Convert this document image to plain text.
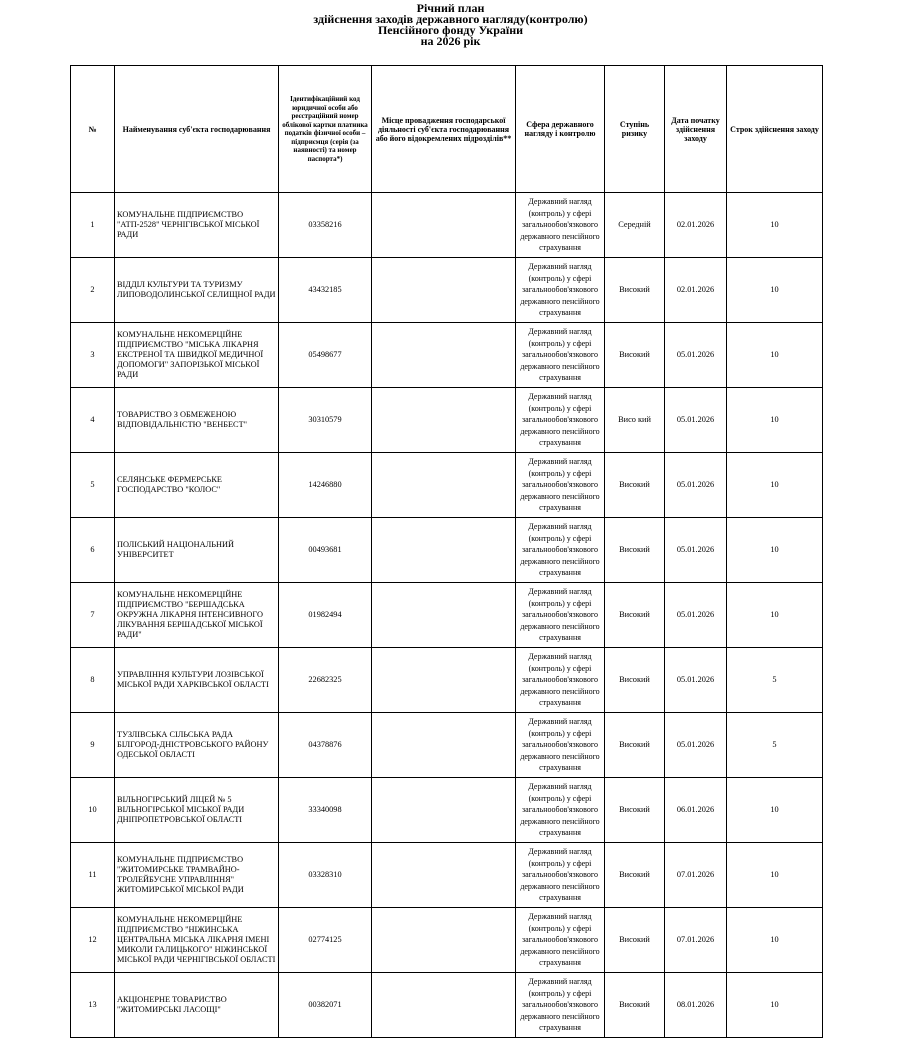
Річний план
здійснення заходів державного нагляду(контролю)
Пенсійного фонду України
на 2026 рік
№	Найменування суб'єкта господарювання	Ідентифікаційний код юридичної особи або реєстраційний номер облікової картки платника податків фізичної особи – підприємця (серія (за наявності) та номер паспорта*)	Місце провадження господарської діяльності суб'єкта господарювання або його відокремлених підрозділів**	Сфера державного нагляду і контролю	Ступінь ризику	Дата початку здійснення заходу	Строк здійснення заходу
1	КОМУНАЛЬНЕ ПІДПРИЄМСТВО "АТП-2528" ЧЕРНІГІВСЬКОЇ МІСЬКОЇ РАДИ	03358216		Державний нагляд (контроль) у сфері загальнообов'язкового державного пенсійного страхування	Середній	02.01.2026	10
2	ВІДДІЛ КУЛЬТУРИ ТА ТУРИЗМУ ЛИПОВОДОЛИНСЬКОЇ СЕЛИЩНОЇ РАДИ	43432185		Державний нагляд (контроль) у сфері загальнообов'язкового державного пенсійного страхування	Високий	02.01.2026	10
3	КОМУНАЛЬНЕ НЕКОМЕРЦІЙНЕ ПІДПРИЄМСТВО "МІСЬКА ЛІКАРНЯ ЕКСТРЕНОЇ ТА ШВИДКОЇ МЕДИЧНОЇ ДОПОМОГИ" ЗАПОРІЗЬКОЇ МІСЬКОЇ РАДИ	05498677		Державний нагляд (контроль) у сфері загальнообов'язкового державного пенсійного страхування	Високий	05.01.2026	10
4	ТОВАРИСТВО З ОБМЕЖЕНОЮ ВІДПОВІДАЛЬНІСТЮ "ВЕНБЕСТ"	30310579		Державний нагляд (контроль) у сфері загальнообов'язкового державного пенсійного страхування	Висо кий	05.01.2026	10
5	СЕЛЯНСЬКЕ ФЕРМЕРСЬКЕ ГОСПОДАРСТВО "КОЛОС"	14246880		Державний нагляд (контроль) у сфері загальнообов'язкового державного пенсійного страхування	Високий	05.01.2026	10
6	ПОЛІСЬКИЙ НАЦІОНАЛЬНИЙ УНІВЕРСИТЕТ	00493681		Державний нагляд (контроль) у сфері загальнообов'язкового державного пенсійного страхування	Високий	05.01.2026	10
7	КОМУНАЛЬНЕ НЕКОМЕРЦІЙНЕ ПІДПРИЄМСТВО "БЕРШАДСЬКА ОКРУЖНА ЛІКАРНЯ ІНТЕНСИВНОГО ЛІКУВАННЯ БЕРШАДСЬКОЇ МІСЬКОЇ РАДИ"	01982494		Державний нагляд (контроль) у сфері загальнообов'язкового державного пенсійного страхування	Високий	05.01.2026	10
8	УПРАВЛІННЯ КУЛЬТУРИ ЛОЗІВСЬКОЇ МІСЬКОЇ РАДИ ХАРКІВСЬКОЇ ОБЛАСТІ	22682325		Державний нагляд (контроль) у сфері загальнообов'язкового державного пенсійного страхування	Високий	05.01.2026	5
9	ТУЗЛІВСЬКА СІЛЬСЬКА РАДА БІЛГОРОД-ДНІСТРОВСЬКОГО РАЙОНУ ОДЕСЬКОЇ ОБЛАСТІ	04378876		Державний нагляд (контроль) у сфері загальнообов'язкового державного пенсійного страхування	Високий	05.01.2026	5
10	ВІЛЬНОГІРСЬКИЙ ЛІЦЕЙ № 5 ВІЛЬНОГІРСЬКОЇ МІСЬКОЇ РАДИ ДНІПРОПЕТРОВСЬКОЇ ОБЛАСТІ	33340098		Державний нагляд (контроль) у сфері загальнообов'язкового державного пенсійного страхування	Високий	06.01.2026	10
11	КОМУНАЛЬНЕ ПІДПРИЄМСТВО "ЖИТОМИРСЬКЕ ТРАМВАЙНО-ТРОЛЕЙБУСНЕ УПРАВЛІННЯ" ЖИТОМИРСЬКОЇ МІСЬКОЇ РАДИ	03328310		Державний нагляд (контроль) у сфері загальнообов'язкового державного пенсійного страхування	Високий	07.01.2026	10
12	КОМУНАЛЬНЕ НЕКОМЕРЦІЙНЕ ПІДПРИЄМСТВО "НІЖИНСЬКА ЦЕНТРАЛЬНА МІСЬКА ЛІКАРНЯ ІМЕНІ МИКОЛИ ГАЛИЦЬКОГО" НІЖИНСЬКОЇ МІСЬКОЇ РАДИ ЧЕРНІГІВСЬКОЇ ОБЛАСТІ	02774125		Державний нагляд (контроль) у сфері загальнообов'язкового державного пенсійного страхування	Високий	07.01.2026	10
13	АКЦІОНЕРНЕ ТОВАРИСТВО "ЖИТОМИРСЬКІ ЛАСОЩІ"	00382071		Державний нагляд (контроль) у сфері загальнообов'язкового державного пенсійного страхування	Високий	08.01.2026	10
